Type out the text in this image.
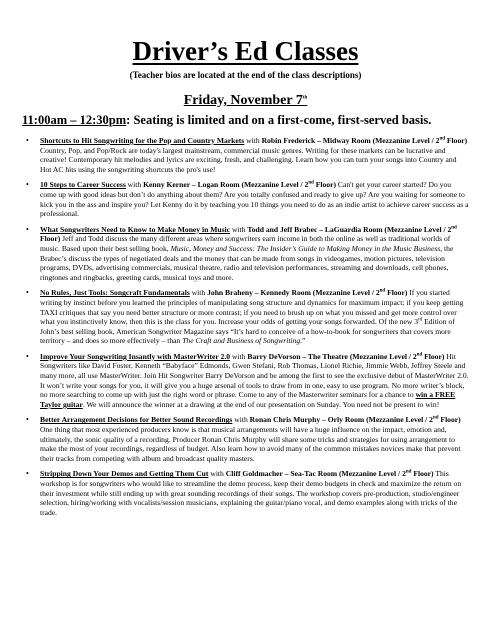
Driver’s Ed Classes
(Teacher bios are located at the end of the class descriptions)
Friday, November 7th
11:00am – 12:30pm: Seating is limited and on a first-come, first-served basis.
• Shortcuts to Hit Songwriting for the Pop and Country Markets with Robin Frederick – Midway Room (Mezzanine Level / 2nd Floor) Country, Pop, and Pop/Rock are today's largest mainstream, commercial music genres. Writing for these markets can be lucrative and creative! Contemporary hit melodies and lyrics are exciting, fresh, and challenging. Learn how you can turn your songs into Country and Hot AC hits using the songwriting shortcuts the pro's use!
• 10 Steps to Career Success with Kenny Kerner – Logan Room (Mezzanine Level / 2nd Floor) Can't get your career started? Do you come up with good ideas but don’t do anything about them? Are you totally confused and ready to give up? Are you waiting for someone to kick you in the ass and inspire you? Let Kenny do it by teaching you 10 things you need to do as an indie artist to achieve career success as a professional.
• What Songwriters Need to Know to Make Money in Music with Todd and Jeff Brabec – LaGuardia Room (Mezzanine Level / 2nd Floor) Jeff and Todd discuss the many different areas where songwriters earn income in both the online as well as traditional worlds of music. Based upon their best selling book, Music, Money and Success: The Insider’s Guide to Making Money in the Music Business, the Brabec’s discuss the types of negotiated deals and the money that can be made from songs in videogames, motion pictures, television programs, DVDs, advertising commercials, musical theatre, radio and television performances, streaming and downloads, cell phones, ringtones and ringbacks, greeting cards, musical toys and more.
• No Rules, Just Tools: Songcraft Fundamentals with John Braheny – Kennedy Room (Mezzanine Level / 2nd Floor) If you started writing by instinct before you learned the principles of manipulating song structure and dynamics for maximum impact; if you keep getting TAXI critiques that say you need better structure or more contrast; if you need to brush up on what you missed and get more control over what you instinctively know, then this is the class for you. Increase your odds of getting your songs forwarded. Of the new 3rd Edition of John’s best selling book, American Songwriter Magazine says “It’s hard to conceive of a how-to-book for songwriters that covers more territory – and does so more effectively – than The Craft and Business of Songwriting.”
• Improve Your Songwriting Insantly with MasterWriter 2.0 with Barry DeVorson – The Theatre (Mezzanine Level / 2nd Floor) Hit Songwriters like David Foster, Kenneth “Babyface” Edmonds, Gwen Stefani, Rob Thomas, Lionel Richie, Jimmie Webb, Jeffrey Steele and many more, all use MasterWriter. Join Hit Songwriter Barry DeVorson and be among the first to see the exclusive debut of MasterWriter 2.0. It won’t write your songs for you, it will give you a huge arsenal of tools to draw from in one, easy to use program. No more writer’s block, no more searching to come up with just the right word or phrase. Come to any of the Masterwriter seminars for a chance to win a FREE Taylor guitar. We will announce the winner at a drawing at the end of our presentation on Sunday. You need not be present to win!
• Better Arrangement Decisions for Better Sound Recordings with Ronan Chris Murphy – Orly Room (Mezzanine Level / 2nd Floor) One thing that most experienced producers know is that musical arrangements will have a huge influence on the impact, emotion and, ultimately, the sonic quality of a recording. Producer Ronan Chris Murphy will share some tricks and strategies for using arrangement to make the most of your recordings, regardless of budget. Also learn how to avoid many of the common mistakes novices make that prevent their tracks from competing with album and broadcast quality masters.
• Stripping Down Your Demos and Getting Them Cut with Cliff Goldmacher – Sea-Tac Room (Mezzanine Level / 2nd Floor) This workshop is for songwriters who would like to streamline the demo process, keep their demo budgets in check and maximize the return on their investment while still ending up with great sounding recordings of their songs. The workshop covers pre-production, studio/engineer selection, hiring/working with vocalists/session musicians, explaining the guitar/piano vocal, and demo examples along with tricks of the trade.
